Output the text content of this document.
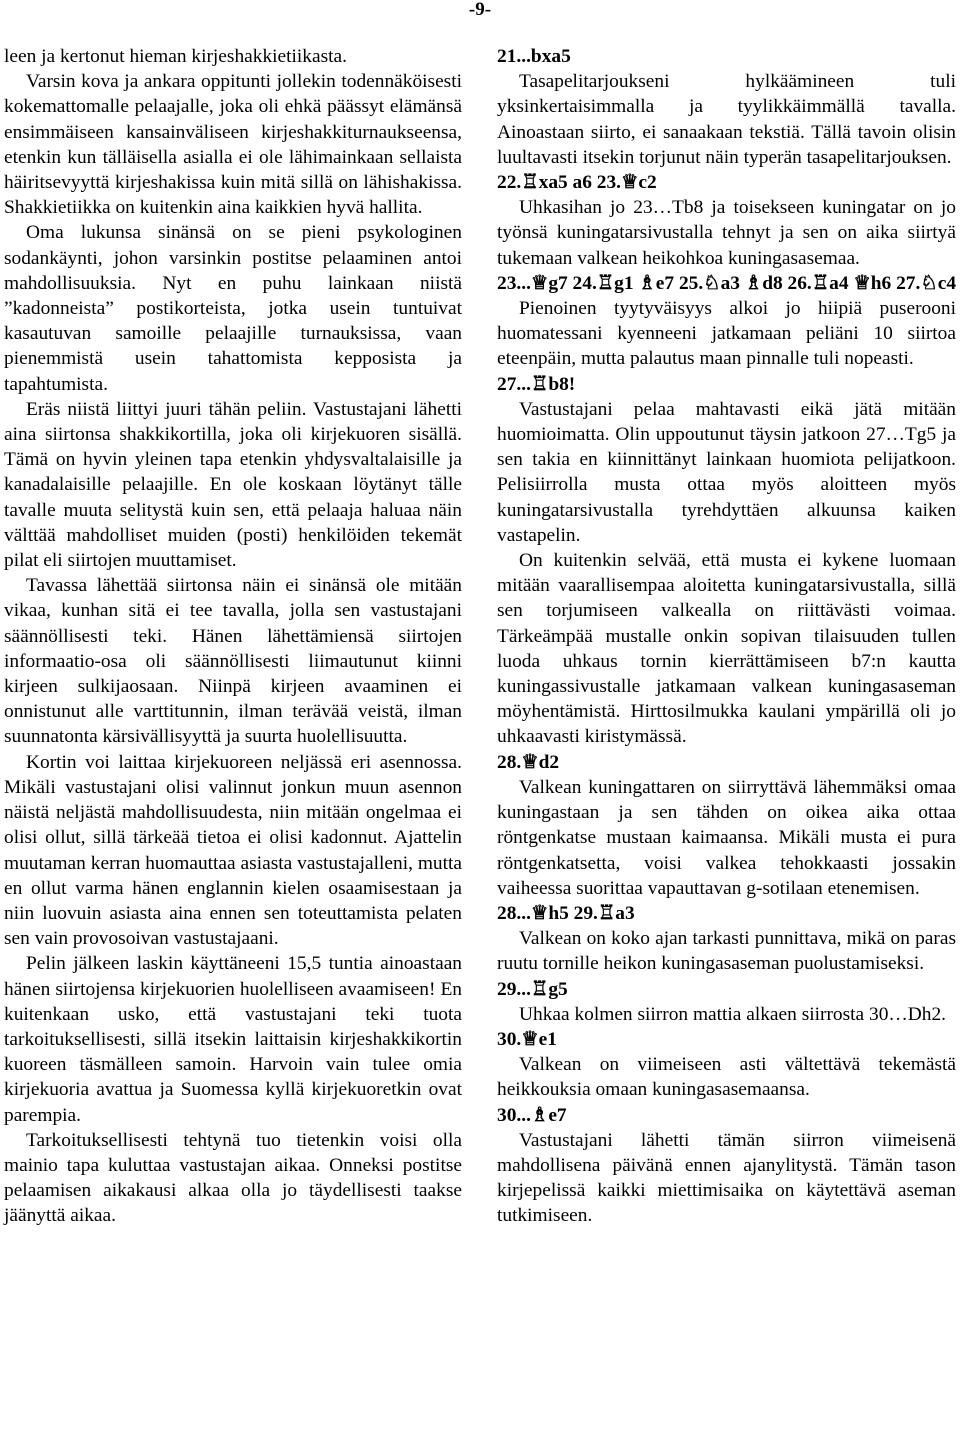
-9-

leen ja kertonut hieman kirjeshakkietiikasta.

Varsin kova ja ankara oppitunti jollekin todennäköisesti kokemattomalle pelaajalle, joka oli ehkä päässyt elämänsä ensimmäiseen kansainväliseen kirjeshakkiturnaukseensa, etenkin kun tälläisella asialla ei ole lähimainkaan sellaista häiritsevyyttä kirjeshakissa kuin mitä sillä on lähishakissa. Shakkietiikka on kuitenkin aina kaikkien hyvä hallita.

Oma lukunsa sinänsä on se pieni psykologinen sodankäynti, johon varsinkin postitse pelaaminen antoi mahdollisuuksia. Nyt en puhu lainkaan niistä ”kadonneista” postikorteista, jotka usein tuntuivat kasautuvan samoille pelaajille turnauksissa, vaan pienemmistä usein tahattomista kepposista ja tapahtumista.

Eräs niistä liittyi juuri tähän peliin. Vastustajani lähetti aina siirtonsa shakkikortilla, joka oli kirjekuoren sisällä. Tämä on hyvin yleinen tapa etenkin yhdysvaltalaisille ja kanadalaisille pelaajille. En ole koskaan löytänyt tälle tavalle muuta selitystä kuin sen, että pelaaja haluaa näin välttää mahdolliset muiden (posti) henkilöiden tekemät pilat eli siirtojen muuttamiset.

Tavassa lähettää siirtonsa näin ei sinänsä ole mitään vikaa, kunhan sitä ei tee tavalla, jolla sen vastustajani säännöllisesti teki. Hänen lähettämiensä siirtojen informaatio-osa oli säännöllisesti liimautunut kiinni kirjeen sulkijaosaan. Niinpä kirjeen avaaminen ei onnistunut alle varttitunnin, ilman terävää veistä, ilman suunnatonta kärsivällisyyttä ja suurta huolellisuutta.

Kortin voi laittaa kirjekuoreen neljässä eri asennossa. Mikäli vastustajani olisi valinnut jonkun muun asennon näistä neljästä mahdollisuudesta, niin mitään ongelmaa ei olisi ollut, sillä tärkeää tietoa ei olisi kadonnut. Ajattelin muutaman kerran huomauttaa asiasta vastustajalleni, mutta en ollut varma hänen englannin kielen osaamisestaan ja niin luovuin asiasta aina ennen sen toteuttamista pelaten sen vain provosoivan vastustajaani.

Pelin jälkeen laskin käyttäneeni 15,5 tuntia ainoastaan hänen siirtojensa kirjekuorien huolelliseen avaamiseen! En kuitenkaan usko, että vastustajani teki tuota tarkoituksellisesti, sillä itsekin laittaisin kirjeshakkikortin kuoreen täsmälleen samoin. Harvoin vain tulee omia kirjekuoria avattua ja Suomessa kyllä kirjekuoretkin ovat parempia.

Tarkoituksellisesti tehtynä tuo tietenkin voisi olla mainio tapa kuluttaa vastustajan aikaa. Onneksi postitse pelaamisen aikakausi alkaa olla jo täydellisesti taakse jäänyttä aikaa.

21...bxa5

Tasapelitarjoukseni hylkäämineen tuli yksinkertaisimmalla ja tyylikkäimmällä tavalla. Ainoastaan siirto, ei sanaakaan tekstiä. Tällä tavoin olisin luultavasti itsekin torjunut näin typerän tasapelitarjouksen.

22.♖xa5 a6 23.♕c2

Uhkasihan jo 23…Tb8 ja toisekseen kuningatar on jo työnsä kuningatarsivustalla tehnyt ja sen on aika siirtyä tukemaan valkean heikohkoa kuningasasemaa.

23...♕g7 24.♖g1 ♗e7 25.♘a3 ♗d8 26.♖a4 ♕h6 27.♘c4

Pienoinen tyytyväisyys alkoi jo hiipiä puserooni huomatessani kyenneeni jatkamaan peliäni 10 siirtoa eteenpäin, mutta palautus maan pinnalle tuli nopeasti.

27...♖b8!

Vastustajani pelaa mahtavasti eikä jätä mitään huomioimatta. Olin uppoutunut täysin jatkoon 27…Tg5 ja sen takia en kiinnittänyt lainkaan huomiota pelijatkoon. Pelisiirrolla musta ottaa myös aloitteen myös kuningatarsivustalla tyrehdyttäen alkuunsa kaiken vastapelin.

On kuitenkin selvää, että musta ei kykene luomaan mitään vaarallisempaa aloitetta kuningatarsivustalla, sillä sen torjumiseen valkealla on riittävästi voimaa. Tärkeämpää mustalle onkin sopivan tilaisuuden tullen luoda uhkaus tornin kierrättämiseen b7:n kautta kuningassivustalle jatkamaan valkean kuningasaseman möyhentämistä. Hirttosilmukka kaulani ympärillä oli jo uhkaavasti kiristymässä.

28.♕d2

Valkean kuningattaren on siirryttävä lähemmäksi omaa kuningastaan ja sen tähden on oikea aika ottaa röntgenkatse mustaan kaimaansa. Mikäli musta ei pura röntgenkatsetta, voisi valkea tehokkaasti jossakin vaiheessa suorittaa vapauttavan g-sotilaan etenemisen.

28...♕h5 29.♖a3

Valkean on koko ajan tarkasti punnittava, mikä on paras ruutu tornille heikon kuningasaseman puolustamiseksi.

29...♖g5

Uhkaa kolmen siirron mattia alkaen siirrosta 30…Dh2.

30.♕e1

Valkean on viimeiseen asti vältettävä tekemästä heikkouksia omaan kuningasasemaansa.

30...♗e7

Vastustajani lähetti tämän siirron viimeisenä mahdollisena päivänä ennen ajanylitystä. Tämän tason kirjepelissä kaikki miettimisaika on käytettävä aseman tutkimiseen.
